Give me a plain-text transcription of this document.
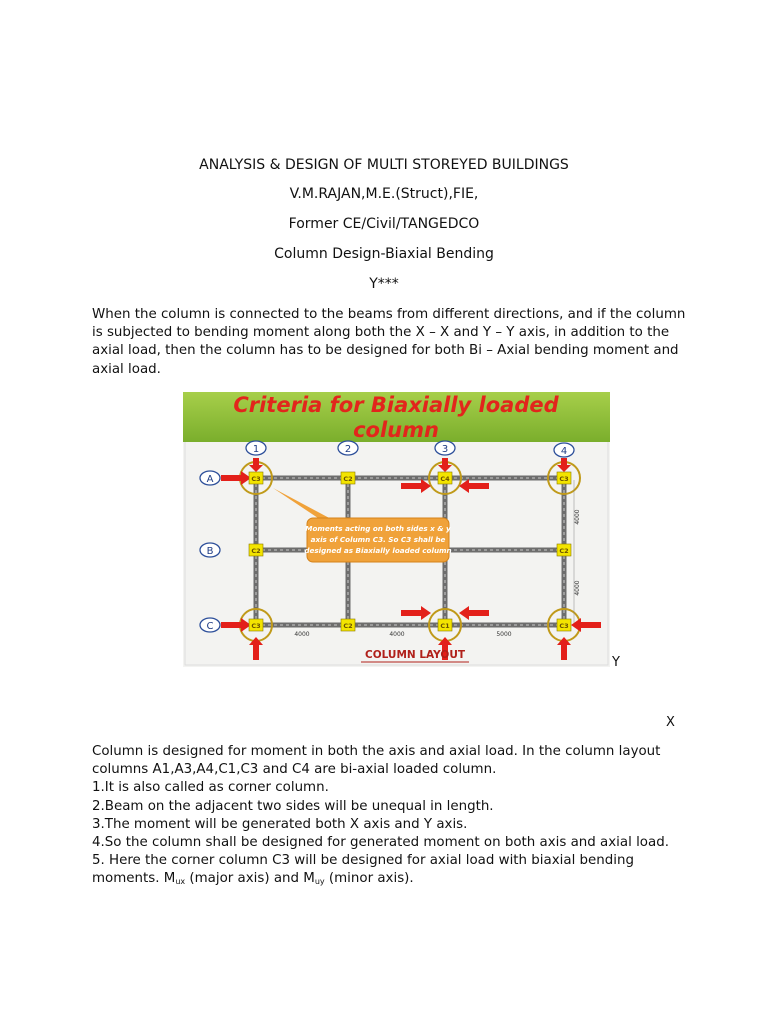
ANALYSIS & DESIGN OF MULTI STOREYED BUILDINGS
V.M.RAJAN,M.E.(Struct),FIE,
Former CE/Civil/TANGEDCO
Column Design-Biaxial Bending
Y***

When the column is connected to the beams from different directions, and if the column is subjected to bending moment along both the X – X and Y – Y axis, in addition to the axial load, then the column has to be designed for both Bi – Axial bending moment and axial load.

Criteria for Biaxially loaded
column
1	2	3	4
A
B
C
C3	C2	C4	C3
C2	C2
C3	C2	C1	C3
Moments acting on both sides x & y
axis of Column C3. So C3 shall be
designed as Biaxially loaded column
4000	4000	5000
4000
4000
COLUMN LAYOUT	Y
X

Column is designed for moment in both the axis and axial load. In the column layout columns A1,A3,A4,C1,C3 and C4 are bi-axial loaded column.

1.It is also called as corner column.

2.Beam on the adjacent two sides will be unequal in length.

3.The moment will be generated both X axis and Y axis.

4.So the column shall be designed for generated moment on both axis and axial load.

5. Here the corner column C3 will be designed for axial load with biaxial bending moments. $M_{ux}$ (major axis) and $M_{uy}$ (minor axis).
